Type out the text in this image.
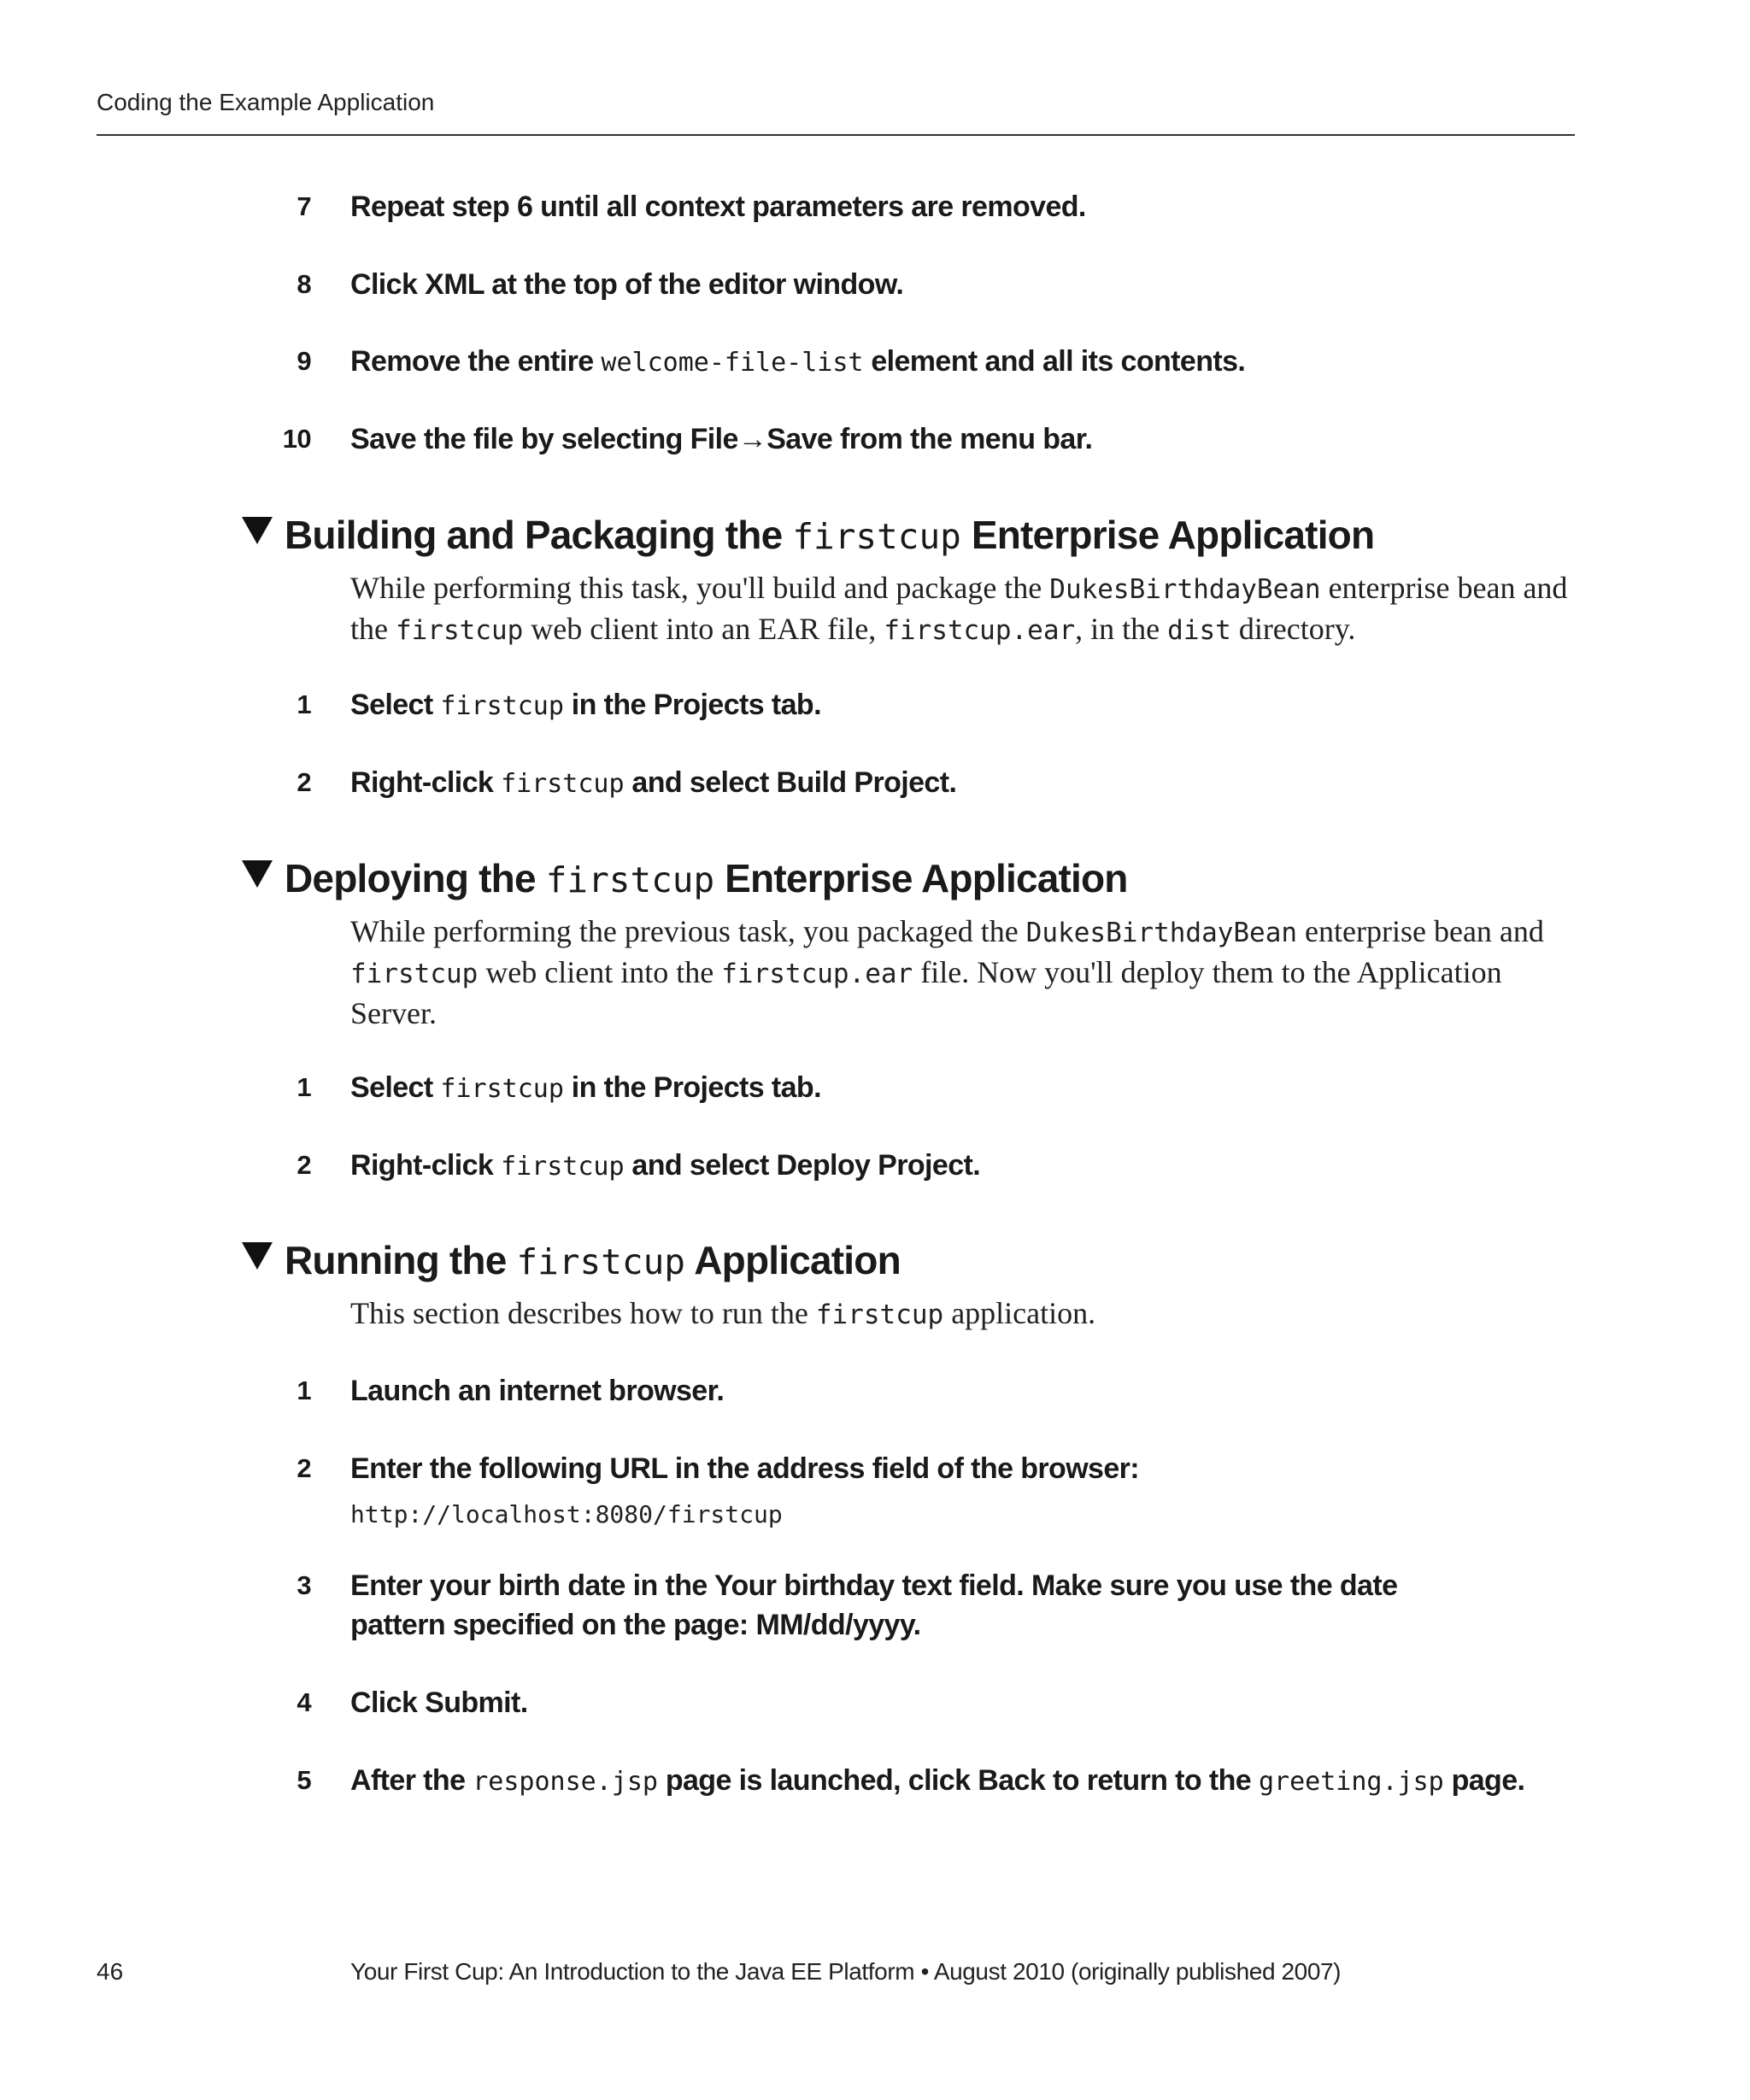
Coding the Example Application
7 Repeat step 6 until all context parameters are removed.
8 Click XML at the top of the editor window.
9 Remove the entire welcome-file-list element and all its contents.
10 Save the file by selecting File→Save from the menu bar.
Building and Packaging the firstcup Enterprise Application
While performing this task, you'll build and package the DukesBirthdayBean enterprise bean and the firstcup web client into an EAR file, firstcup.ear, in the dist directory.
1 Select firstcup in the Projects tab.
2 Right-click firstcup and select Build Project.
Deploying the firstcup Enterprise Application
While performing the previous task, you packaged the DukesBirthdayBean enterprise bean and firstcup web client into the firstcup.ear file. Now you'll deploy them to the Application Server.
1 Select firstcup in the Projects tab.
2 Right-click firstcup and select Deploy Project.
Running the firstcup Application
This section describes how to run the firstcup application.
1 Launch an internet browser.
2 Enter the following URL in the address field of the browser:
http://localhost:8080/firstcup
3 Enter your birth date in the Your birthday text field. Make sure you use the date pattern specified on the page: MM/dd/yyyy.
4 Click Submit.
5 After the response.jsp page is launched, click Back to return to the greeting.jsp page.
46	Your First Cup: An Introduction to the Java EE Platform • August 2010 (originally published 2007)
